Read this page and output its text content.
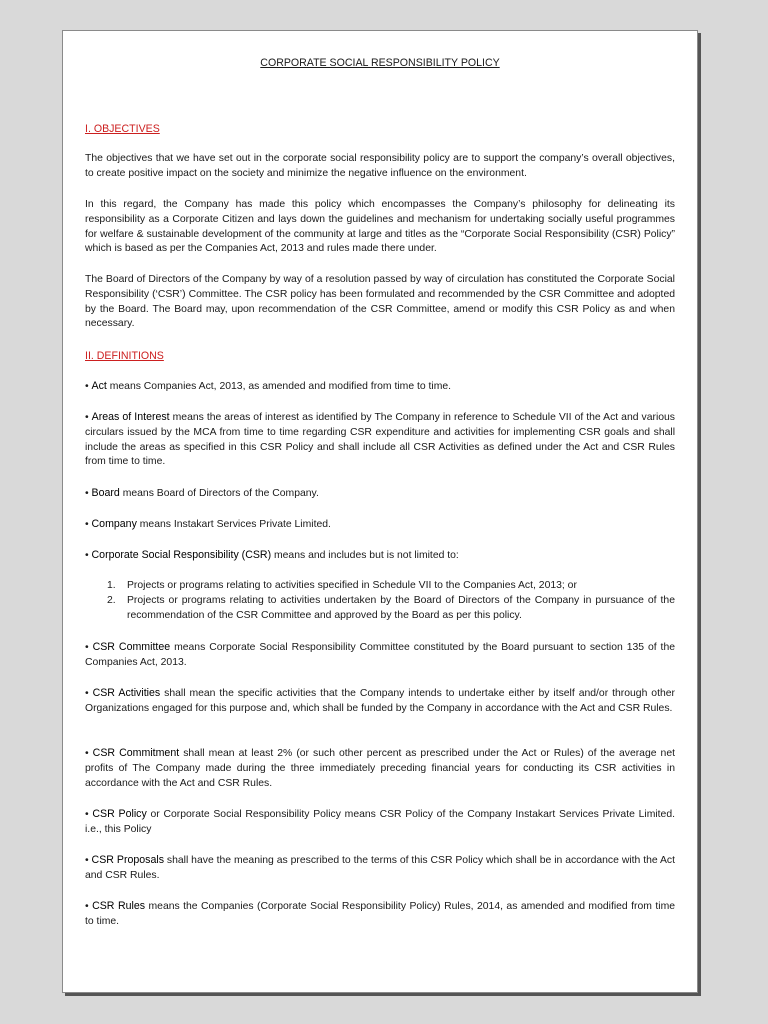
CORPORATE SOCIAL RESPONSIBILITY POLICY
I. OBJECTIVES

The objectives that we have set out in the corporate social responsibility policy are to support the company’s overall objectives, to create positive impact on the society and minimize the negative influence on the environment.

In this regard, the Company has made this policy which encompasses the Company’s philosophy for delineating its responsibility as a Corporate Citizen and lays down the guidelines and mechanism for undertaking socially useful programmes for welfare & sustainable development of the community at large and titles as the “Corporate Social Responsibility (CSR) Policy” which is based as per the Companies Act, 2013 and rules made there under.

The Board of Directors of the Company by way of a resolution passed by way of circulation has constituted the Corporate Social Responsibility (‘CSR’) Committee. The CSR policy has been formulated and recommended by the CSR Committee and adopted by the Board. The Board may, upon recommendation of the CSR Committee, amend or modify this CSR Policy as and when necessary.

II. DEFINITIONS

• Act means Companies Act, 2013, as amended and modified from time to time.

• Areas of Interest means the areas of interest as identified by The Company in reference to Schedule VII of the Act and various circulars issued by the MCA from time to time regarding CSR expenditure and activities for implementing CSR goals and shall include the areas as specified in this CSR Policy and shall include all CSR Activities as defined under the Act and CSR Rules from time to time.

• Board means Board of Directors of the Company.

• Company means Instakart Services Private Limited.

• Corporate Social Responsibility (CSR) means and includes but is not limited to:

1. Projects or programs relating to activities specified in Schedule VII to the Companies Act, 2013; or
2. Projects or programs relating to activities undertaken by the Board of Directors of the Company in pursuance of the recommendation of the CSR Committee and approved by the Board as per this policy.

• CSR Committee means Corporate Social Responsibility Committee constituted by the Board pursuant to section 135 of the Companies Act, 2013.

• CSR Activities shall mean the specific activities that the Company intends to undertake either by itself and/or through other Organizations engaged for this purpose and, which shall be funded by the Company in accordance with the Act and CSR Rules.

• CSR Commitment shall mean at least 2% (or such other percent as prescribed under the Act or Rules) of the average net profits of The Company made during the three immediately preceding financial years for conducting its CSR activities in accordance with the Act and CSR Rules.

• CSR Policy or Corporate Social Responsibility Policy means CSR Policy of the Company Instakart Services Private Limited. i.e., this Policy

• CSR Proposals shall have the meaning as prescribed to the terms of this CSR Policy which shall be in accordance with the Act and CSR Rules.

• CSR Rules means the Companies (Corporate Social Responsibility Policy) Rules, 2014, as amended and modified from time to time.
